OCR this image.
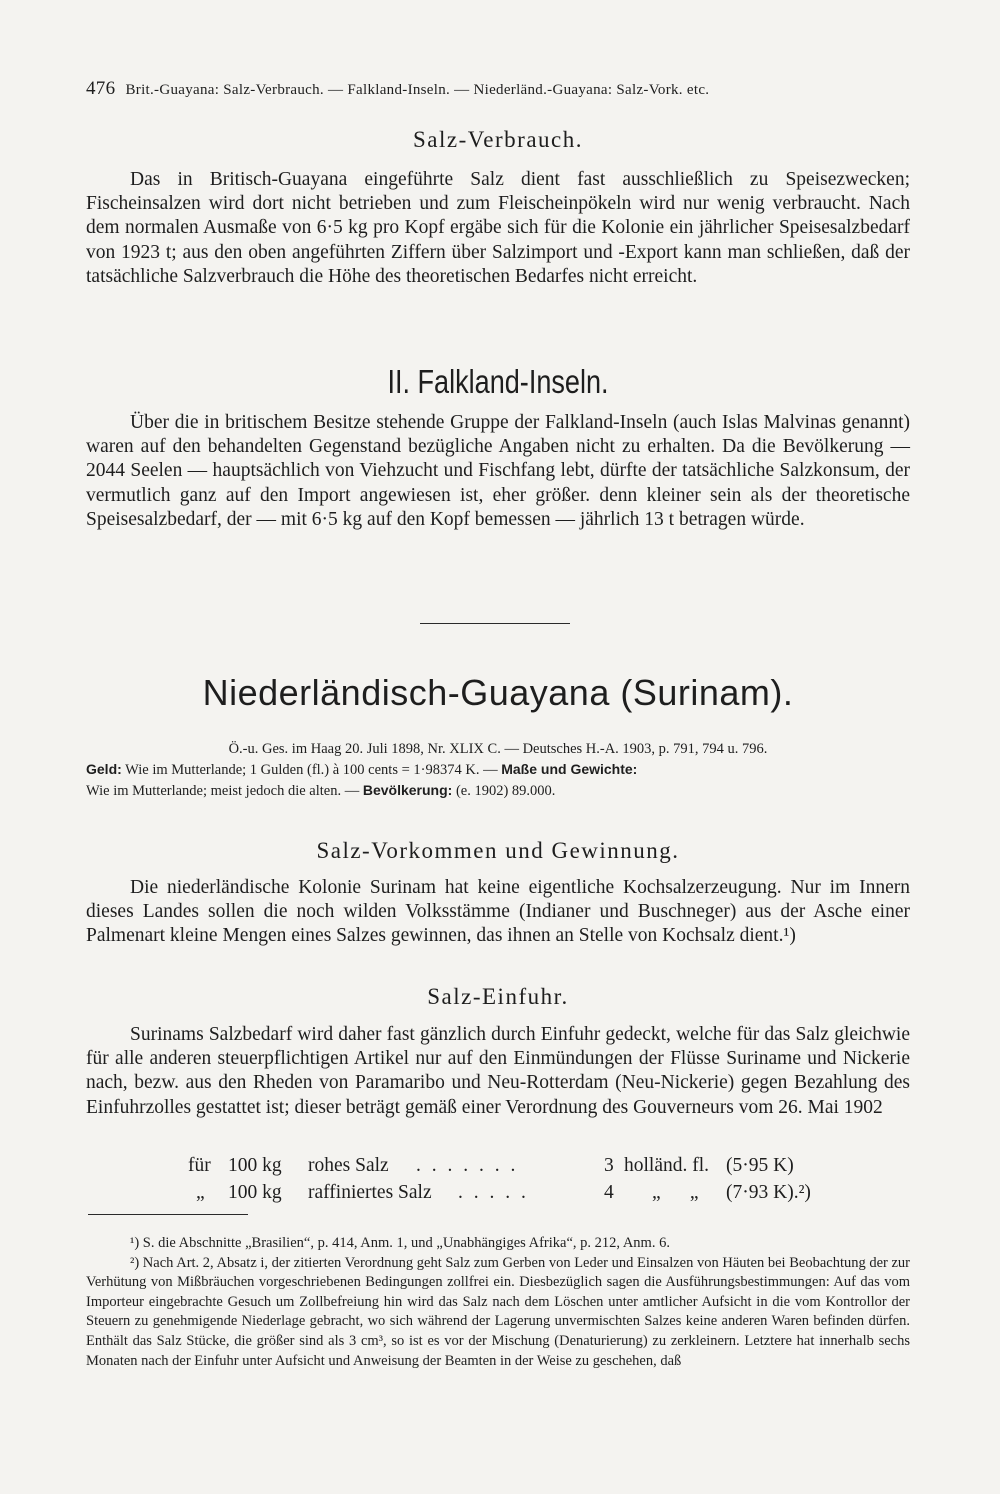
476 Brit.-Guayana: Salz-Verbrauch. — Falkland-Inseln. — Niederländ.-Guayana: Salz-Vork. etc.
Salz-Verbrauch.

Das in Britisch-Guayana eingeführte Salz dient fast ausschließlich zu Speisezwecken; Fischeinsalzen wird dort nicht betrieben und zum Fleischeinpökeln wird nur wenig verbraucht. Nach dem normalen Ausmaße von 6·5 kg pro Kopf ergäbe sich für die Kolonie ein jährlicher Speisesalzbedarf von 1923 t; aus den oben angeführten Ziffern über Salzimport und -Export kann man schließen, daß der tatsächliche Salzverbrauch die Höhe des theoretischen Bedarfes nicht erreicht.

II. Falkland-Inseln.

Über die in britischem Besitze stehende Gruppe der Falkland-Inseln (auch Islas Malvinas genannt) waren auf den behandelten Gegenstand bezügliche Angaben nicht zu erhalten. Da die Bevölkerung — 2044 Seelen — hauptsächlich von Viehzucht und Fischfang lebt, dürfte der tatsächliche Salzkonsum, der vermutlich ganz auf den Import angewiesen ist, eher größer. denn kleiner sein als der theoretische Speisesalzbedarf, der — mit 6·5 kg auf den Kopf bemessen — jährlich 13 t betragen würde.

Niederländisch-Guayana (Surinam).
Ö.-u. Ges. im Haag 20. Juli 1898, Nr. XLIX C. — Deutsches H.-A. 1903, p. 791, 794 u. 796.
Geld: Wie im Mutterlande; 1 Gulden (fl.) à 100 cents = 1·98374 K. — Maße und Gewichte:
Wie im Mutterlande; meist jedoch die alten. — Bevölkerung: (e. 1902) 89.000.
Salz-Vorkommen und Gewinnung.

Die niederländische Kolonie Surinam hat keine eigentliche Kochsalzerzeugung. Nur im Innern dieses Landes sollen die noch wilden Volksstämme (Indianer und Buschneger) aus der Asche einer Palmenart kleine Mengen eines Salzes gewinnen, das ihnen an Stelle von Kochsalz dient.¹)

Salz-Einfuhr.

Surinams Salzbedarf wird daher fast gänzlich durch Einfuhr gedeckt, welche für das Salz gleichwie für alle anderen steuerpflichtigen Artikel nur auf den Einmündungen der Flüsse Suriname und Nickerie nach, bezw. aus den Rheden von Paramaribo und Neu-Rotterdam (Neu-Nickerie) gegen Bezahlung des Einfuhrzolles gestattet ist; dieser beträgt gemäß einer Verordnung des Gouverneurs vom 26. Mai 1902

für 100 kg rohes Salz . . . . . . .	3 holländ. fl. (5·95 K)
„ 100 kg raffiniertes Salz . . . . .	4 „      „ (7·93 K).²)

¹) S. die Abschnitte „Brasilien“, p. 414, Anm. 1, und „Unabhängiges Afrika“, p. 212, Anm. 6.

²) Nach Art. 2, Absatz i, der zitierten Verordnung geht Salz zum Gerben von Leder und Einsalzen von Häuten bei Beobachtung der zur Verhütung von Mißbräuchen vorgeschriebenen Bedingungen zollfrei ein. Diesbezüglich sagen die Ausführungsbestimmungen: Auf das vom Importeur eingebrachte Gesuch um Zollbefreiung hin wird das Salz nach dem Löschen unter amtlicher Aufsicht in die vom Kontrollor der Steuern zu genehmigende Niederlage gebracht, wo sich während der Lagerung unvermischten Salzes keine anderen Waren befinden dürfen. Enthält das Salz Stücke, die größer sind als 3 cm³, so ist es vor der Mischung (Denaturierung) zu zerkleinern. Letztere hat innerhalb sechs Monaten nach der Einfuhr unter Aufsicht und Anweisung der Beamten in der Weise zu geschehen, daß
